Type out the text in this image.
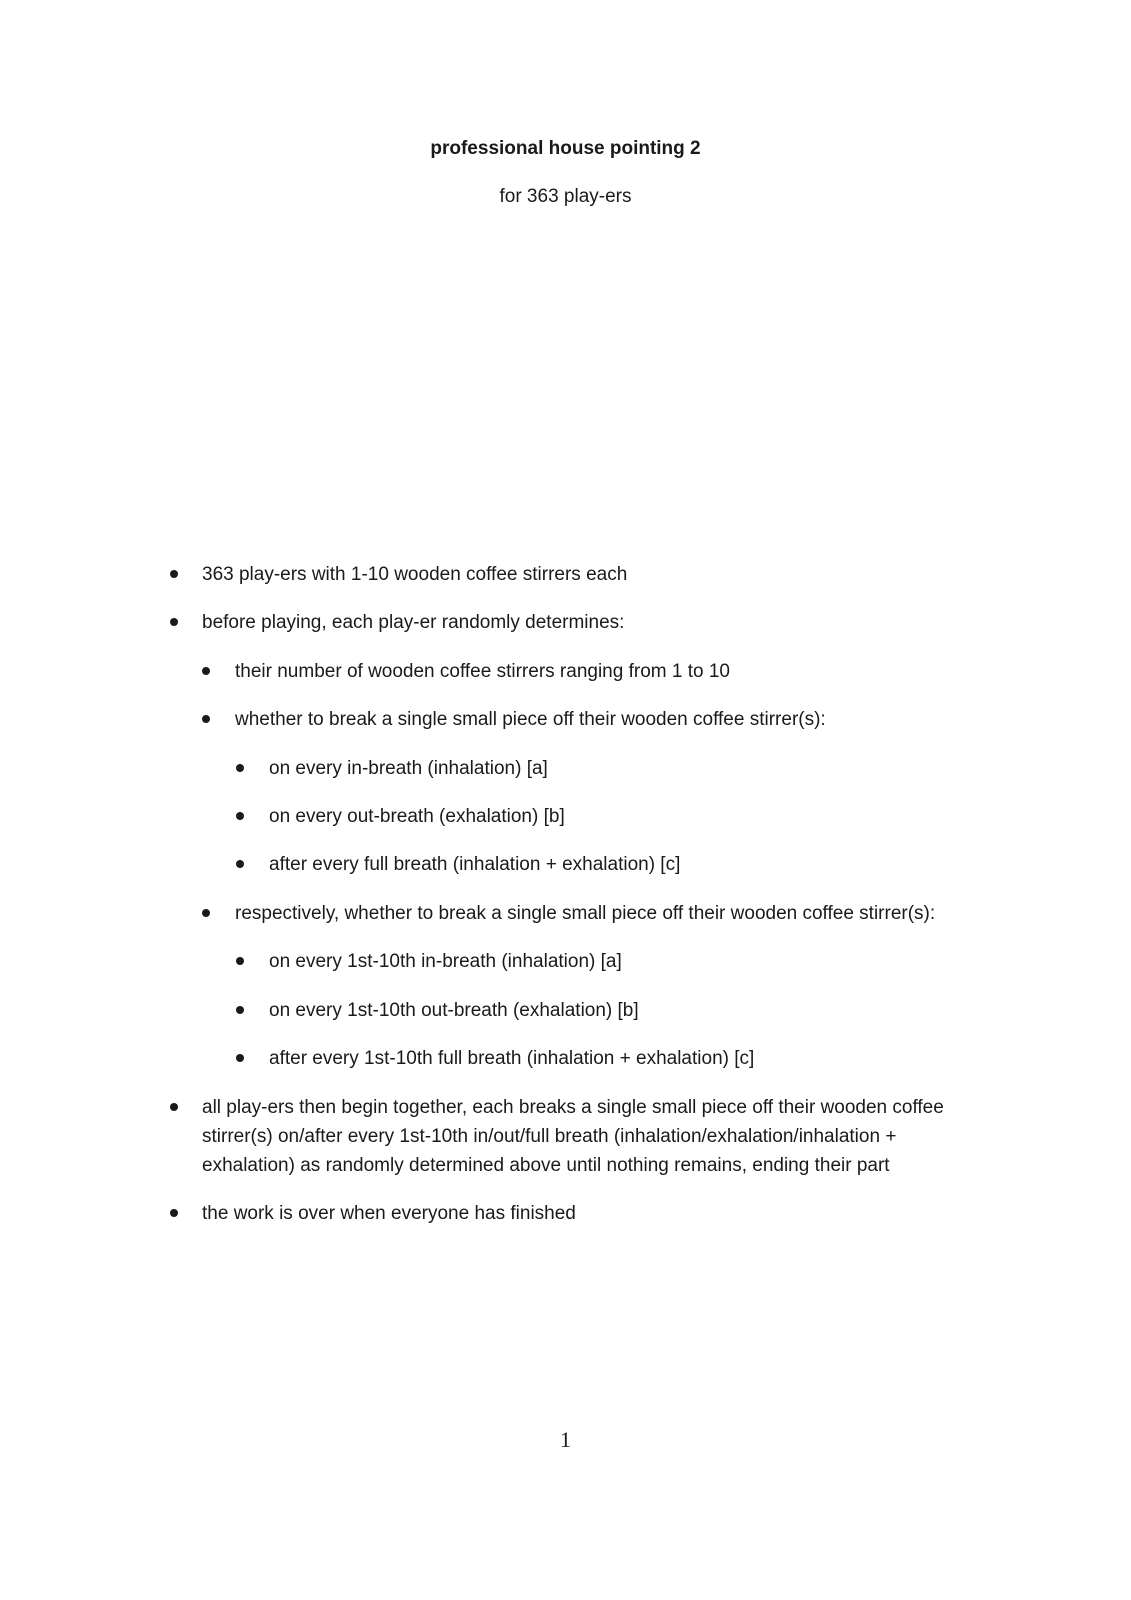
professional house pointing 2
for 363 play-ers
363 play-ers with 1-10 wooden coffee stirrers each
before playing, each play-er randomly determines:
their number of wooden coffee stirrers ranging from 1 to 10
whether to break a single small piece off their wooden coffee stirrer(s):
on every in-breath (inhalation) [a]
on every out-breath (exhalation) [b]
after every full breath (inhalation + exhalation) [c]
respectively, whether to break a single small piece off their wooden coffee stirrer(s):
on every 1st-10th in-breath (inhalation) [a]
on every 1st-10th out-breath (exhalation) [b]
after every 1st-10th full breath (inhalation + exhalation) [c]
all play-ers then begin together, each breaks a single small piece off their wooden coffee
stirrer(s) on/after every 1st-10th in/out/full breath (inhalation/exhalation/inhalation +
exhalation) as randomly determined above until nothing remains, ending their part
the work is over when everyone has finished
1
